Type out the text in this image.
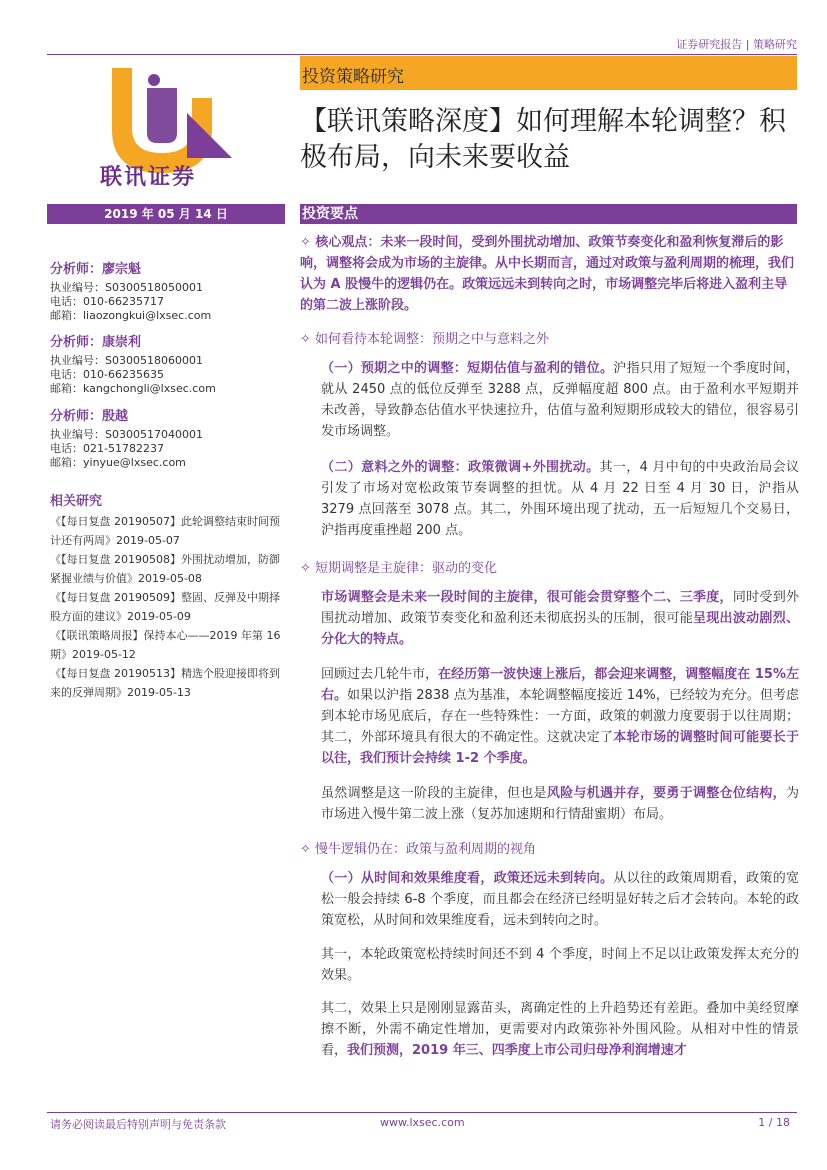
证券研究报告 | 策略研究
联讯证券
投资策略研究
【联讯策略深度】如何理解本轮调整？积极布局，向未来要收益
2019 年 05 月 14 日	投资要点
分析师：廖宗魁
执业编号：S0300518050001
电话：010-66235717
邮箱：liaozongkui@lxsec.com
分析师：康崇利
执业编号：S0300518060001
电话：010-66235635
邮箱：kangchongli@lxsec.com
分析师：殷越
执业编号：S0300517040001
电话：021-51782237
邮箱：yinyue@lxsec.com
相关研究
《【每日复盘 20190507】此轮调整结束时间预计还有两周》2019-05-07
《【每日复盘 20190508】外围扰动增加，防御紧握业绩与价值》2019-05-08
《【每日复盘 20190509】整固、反弹及中期择股方面的建议》2019-05-09
《【联讯策略周报】保持本心——2019 年第 16 期》2019-05-12
《【每日复盘 20190513】精选个股迎接即将到来的反弹周期》2019-05-13
✧ 核心观点：未来一段时间，受到外围扰动增加、政策节奏变化和盈利恢复滞后的影响，调整将会成为市场的主旋律。从中长期而言，通过对政策与盈利周期的梳理，我们认为 A 股慢牛的逻辑仍在。政策远远未到转向之时，市场调整完毕后将进入盈利主导的第二波上涨阶段。
✧ 如何看待本轮调整：预期之中与意料之外
（一）预期之中的调整：短期估值与盈利的错位。沪指只用了短短一个季度时间，就从 2450 点的低位反弹至 3288 点，反弹幅度超 800 点。由于盈利水平短期并未改善，导致静态估值水平快速拉升，估值与盈利短期形成较大的错位，很容易引发市场调整。
（二）意料之外的调整：政策微调+外围扰动。其一，4 月中旬的中央政治局会议引发了市场对宽松政策节奏调整的担忧。从 4 月 22 日至 4 月 30 日，沪指从 3279 点回落至 3078 点。其二，外围环境出现了扰动，五一后短短几个交易日，沪指再度重挫超 200 点。
✧ 短期调整是主旋律：驱动的变化
市场调整会是未来一段时间的主旋律，很可能会贯穿整个二、三季度，同时受到外围扰动增加、政策节奏变化和盈利还未彻底拐头的压制，很可能呈现出波动剧烈、分化大的特点。
回顾过去几轮牛市，在经历第一波快速上涨后，都会迎来调整，调整幅度在 15%左右。如果以沪指 2838 点为基准，本轮调整幅度接近 14%，已经较为充分。但考虑到本轮市场见底后，存在一些特殊性：一方面，政策的刺激力度要弱于以往周期；其二，外部环境具有很大的不确定性。这就决定了本轮市场的调整时间可能要长于以往，我们预计会持续 1-2 个季度。
虽然调整是这一阶段的主旋律，但也是风险与机遇并存，要勇于调整仓位结构，为市场进入慢牛第二波上涨（复苏加速期和行情甜蜜期）布局。
✧ 慢牛逻辑仍在：政策与盈利周期的视角
（一）从时间和效果维度看，政策还远未到转向。从以往的政策周期看，政策的宽松一般会持续 6-8 个季度，而且都会在经济已经明显好转之后才会转向。本轮的政策宽松，从时间和效果维度看，远未到转向之时。
其一，本轮政策宽松持续时间还不到 4 个季度，时间上不足以让政策发挥太充分的效果。
其二，效果上只是刚刚显露苗头，离确定性的上升趋势还有差距。叠加中美经贸摩擦不断，外需不确定性增加，更需要对内政策弥补外围风险。从相对中性的情景看，我们预测，2019 年三、四季度上市公司归母净利润增速才
请务必阅读最后特别声明与免责条款	www.lxsec.com	1 / 18
